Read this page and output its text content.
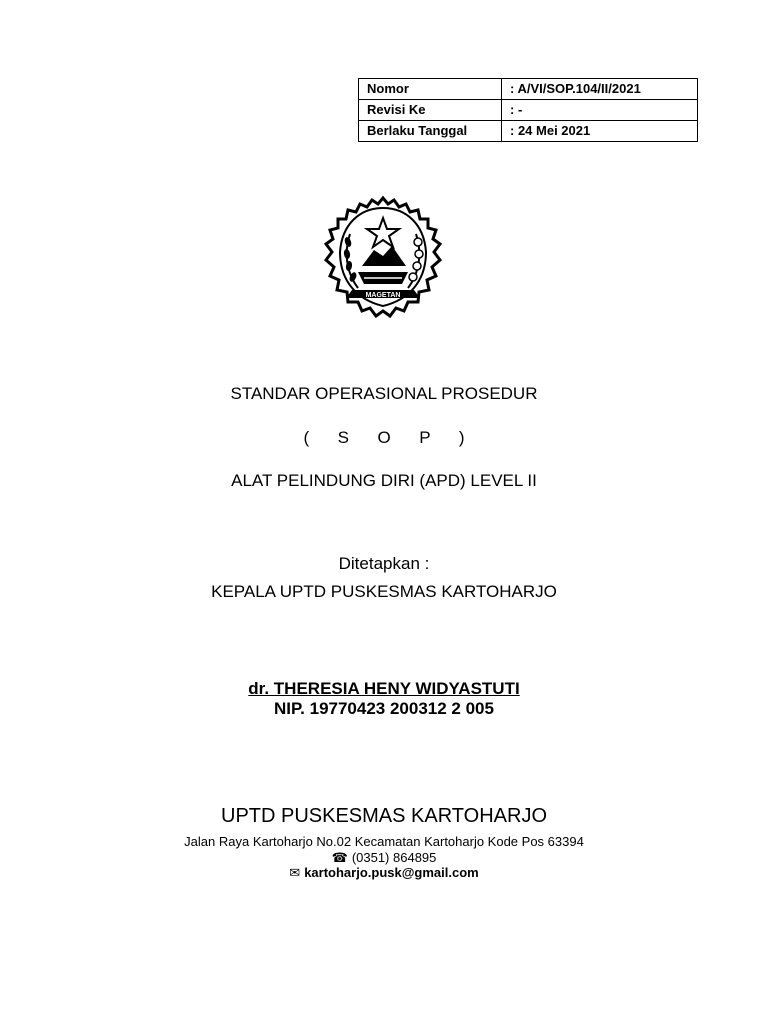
Nomor	: A/VI/SOP.104/II/2021
Revisi Ke	: -
Berlaku Tanggal	: 24 Mei 2021
MAGETAN
STANDAR OPERASIONAL PROSEDUR
( S O P )
ALAT PELINDUNG DIRI (APD) LEVEL II
Ditetapkan :
KEPALA UPTD PUSKESMAS KARTOHARJO
dr. THERESIA HENY WIDYASTUTI
NIP. 19770423 200312 2 005
UPTD PUSKESMAS KARTOHARJO
Jalan Raya Kartoharjo No.02 Kecamatan Kartoharjo Kode Pos 63394
☎ (0351) 864895
✉ kartoharjo.pusk@gmail.com
